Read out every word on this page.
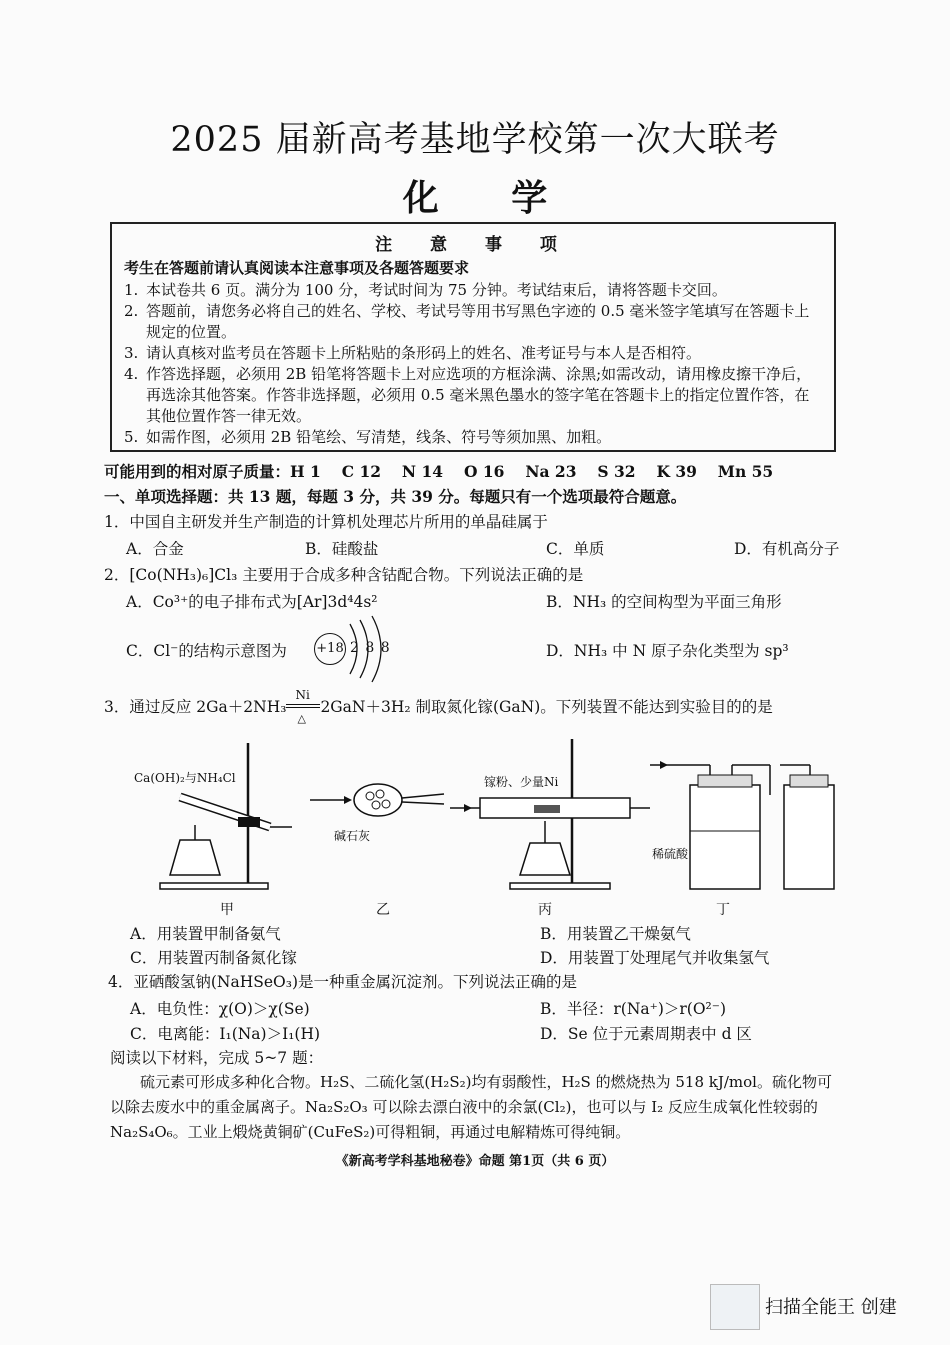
2025 届新高考基地学校第一次大联考
化 学
注 意 事 项
考生在答题前请认真阅读本注意事项及各题答题要求
1. 本试卷共 6 页。满分为 100 分，考试时间为 75 分钟。考试结束后，请将答题卡交回。
2. 答题前，请您务必将自己的姓名、学校、考试号等用书写黑色字迹的 0.5 毫米签字笔填写在答题卡上规定的位置。
3. 请认真核对监考员在答题卡上所粘贴的条形码上的姓名、准考证号与本人是否相符。
4. 作答选择题，必须用 2B 铅笔将答题卡上对应选项的方框涂满、涂黑;如需改动，请用橡皮擦干净后，再选涂其他答案。作答非选择题，必须用 0.5 毫米黑色墨水的签字笔在答题卡上的指定位置作答，在其他位置作答一律无效。
5. 如需作图，必须用 2B 铅笔绘、写清楚，线条、符号等须加黑、加粗。
可能用到的相对原子质量：H 1　 C 12　 N 14　 O 16　 Na 23　 S 32　 K 39　 Mn 55
一、单项选择题：共 13 题，每题 3 分，共 39 分。每题只有一个选项最符合题意。
1．中国自主研发并生产制造的计算机处理芯片所用的单晶硅属于
A．合金	B．硅酸盐	C．单质	D．有机高分子
2．[Co(NH₃)₆]Cl₃ 主要用于合成多种含钴配合物。下列说法正确的是
A．Co³⁺的电子排布式为[Ar]3d⁴4s²	B．NH₃ 的空间构型为平面三角形
C．Cl⁻的结构示意图为	D．NH₃ 中 N 原子杂化类型为 sp³
+18 2 8 8
3．通过反应 2Ga＋2NH₃
Ni
△
2GaN＋3H₂ 制取氮化镓(GaN)。下列装置不能达到实验目的的是
Ca(OH)₂与NH₄Cl
碱石灰
镓粉、少量Ni
稀硫酸
甲	乙	丙	丁
A．用装置甲制备氨气	B．用装置乙干燥氨气
C．用装置丙制备氮化镓	D．用装置丁处理尾气并收集氢气
4．亚硒酸氢钠(NaHSeO₃)是一种重金属沉淀剂。下列说法正确的是
A．电负性：χ(O)＞χ(Se)	B．半径：r(Na⁺)＞r(O²⁻)
C．电离能：I₁(Na)＞I₁(H)	D．Se 位于元素周期表中 d 区
阅读以下材料，完成 5~7 题：
硫元素可形成多种化合物。H₂S、二硫化氢(H₂S₂)均有弱酸性，H₂S 的燃烧热为 518 kJ/mol。硫化物可以除去废水中的重金属离子。Na₂S₂O₃ 可以除去漂白液中的余氯(Cl₂)，也可以与 I₂ 反应生成氧化性较弱的 Na₂S₄O₆。工业上煅烧黄铜矿(CuFeS₂)可得粗铜，再通过电解精炼可得纯铜。
《新高考学科基地秘卷》命题 第1页（共 6 页）
扫描全能王 创建
